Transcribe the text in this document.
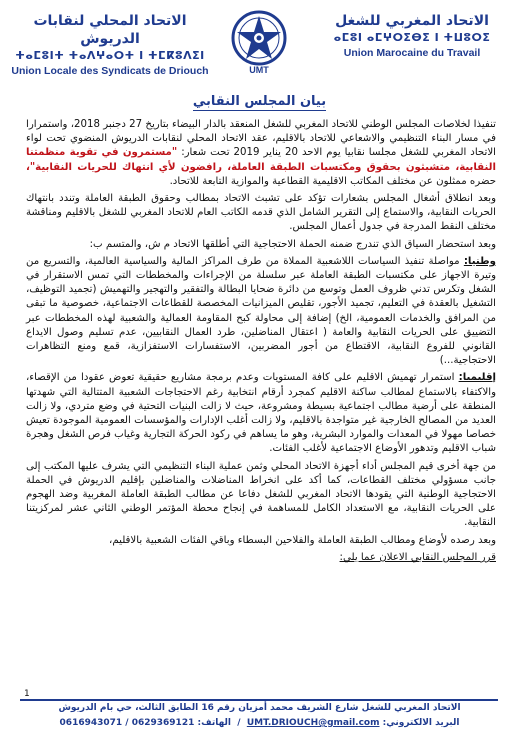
الاتحاد المحلي لنقابات الدريوش
ⵜⴰⵎⵓⵏⵜ ⵜⴰⴷⵖⴰⵔⵜ ⵏ ⵜⵎⴽⵓⴷⵉⵏ
Union Locale des Syndicats de Driouch	UMT
الاتحاد المغربي للشغل
ⴰⵎⵓⵏ ⴰⵎⵖⵔⵉⴱⵉ ⵏ ⵜⵡⵓⵔⵉ
Union Marocaine du Travail
بيان المجلس النقابي

تنفيذا لخلاصات المجلس الوطني للاتحاد المغربي للشغل المنعقد بالدار البيضاء بتاريخ 27 دجنبر 2018، واستمرارا في مسار البناء التنظيمي والاشعاعي للاتحاد بالاقليم، عقد الاتحاد المحلي لنقابات الدريوش المنضوي تحت لواء الاتحاد المغربي للشغل مجلسا نقابيا يوم الاحد 20 يناير 2019 تحت شعار: "مستمرون في تقوية منظمتنا النقابية، متشبثون بحقوق ومكتسبات الطبقة العاملة، رافضون لأي انتهاك للحريات النقابية"، حضره ممثلون عن مختلف المكاتب الاقليمية القطاعية والموازية التابعة للاتحاد.

وبعد انطلاق أشغال المجلس بشعارات تؤكد على تشبث الاتحاد بمطالب وحقوق الطبقة العاملة وتندد بانتهاك الحريات النقابية، والاستماع إلى التقرير الشامل الذي قدمه الكاتب العام للاتحاد المغربي للشغل بالاقليم ومناقشة مختلف النقط المدرجة في جدول أعمال المجلس.

وبعد استحضار السياق الذي تندرج ضمنه الحملة الاحتجاجية التي أطلقها الاتحاد م ش، والمتسم ب:

وطنيا: مواصلة تنفيذ السياسات اللاشعبية المملاة من طرف المراكز المالية والسياسية العالمية، والتسريع من وتيرة الاجهاز على مكتسبات الطبقة العاملة عبر سلسلة من الإجراءات والمخططات التي تمس الاستقرار في الشغل وتكرس تدني ظروف العمل وتوسع من دائرة ضحايا البطالة والتفقير والتهجير والتهميش (تجميد التوظيف، التشغيل بالعقدة في التعليم، تجميد الأجور، تقليص الميزانيات المخصصة للقطاعات الاجتماعية، خصوصية ما تبقى من المرافق والخدمات العمومية، الخ) إضافة إلى محاولة كبح المقاومة العمالية والشعبية لهذه المخططات عبر التضييق على الحريات النقابية والعامة ( اعتقال المناضلين، طرد العمال النقابيين، عدم تسليم وصول الايداع القانوني للفروع النقابية، الاقتطاع من أجور المضربين، الاستفسارات الاستفزازية، قمع ومنع التظاهرات الاحتجاجية...)

إقليميا: استمرار تهميش الاقليم على كافة المستويات وعدم برمجة مشاريع حقيقية تعوض عقودا من الإقصاء، والاكتفاء بالاستماع لمطالب ساكنة الاقليم كمجرد أرقام انتخابية رغم الاحتجاجات الشعبية المتتالية التي شهدتها المنطقة على أرضية مطالب اجتماعية بسيطة ومشروعة، حيث لا زالت البنيات التحتية في وضع متردي، ولا زالت العديد من المصالح الخارجية غير متواجدة بالاقليم، ولا زالت أغلب الإدارات والمؤسسات العمومية الموجودة تعيش خصاصا مهولا في المعدات والموارد البشرية، وهو ما يساهم في ركود الحركة التجارية وغياب فرص الشغل وهجرة شباب الاقليم وتدهور الأوضاع الاجتماعية لأغلب الفئات.

من جهة أخرى قيم المجلس أداء أجهزة الاتحاد المحلي وثمن عملية البناء التنظيمي التي يشرف عليها المكتب إلى جانب مسؤولي مختلف القطاعات، كما أكد على انخراط المناضلات والمناضلين بإقليم الدريوش في الحملة الاحتجاجية الوطنية التي يقودها الاتحاد المغربي للشغل دفاعا عن مطالب الطبقة العاملة المغربية وضد الهجوم على الحريات النقابية، مع الاستعداد الكامل للمساهمة في إنجاح محطة المؤتمر الوطني الثاني عشر لمركزيتنا النقابية.

وبعد رصده لأوضاع ومطالب الطبقة العاملة والفلاحين البسطاء وباقي الفئات الشعبية بالاقليم،

قرر المجلس النقابي الاعلان عما يلي:

1
الاتحاد المغربي للشغل شارع الشريف محمد أمزيان رقم 16 الطابق الثالث، حي بام الدريوش
البريد الالكتروني: UMT.DRIOUCH@gmail.com  /  الهاتف: 0616943071 / 0629369121
